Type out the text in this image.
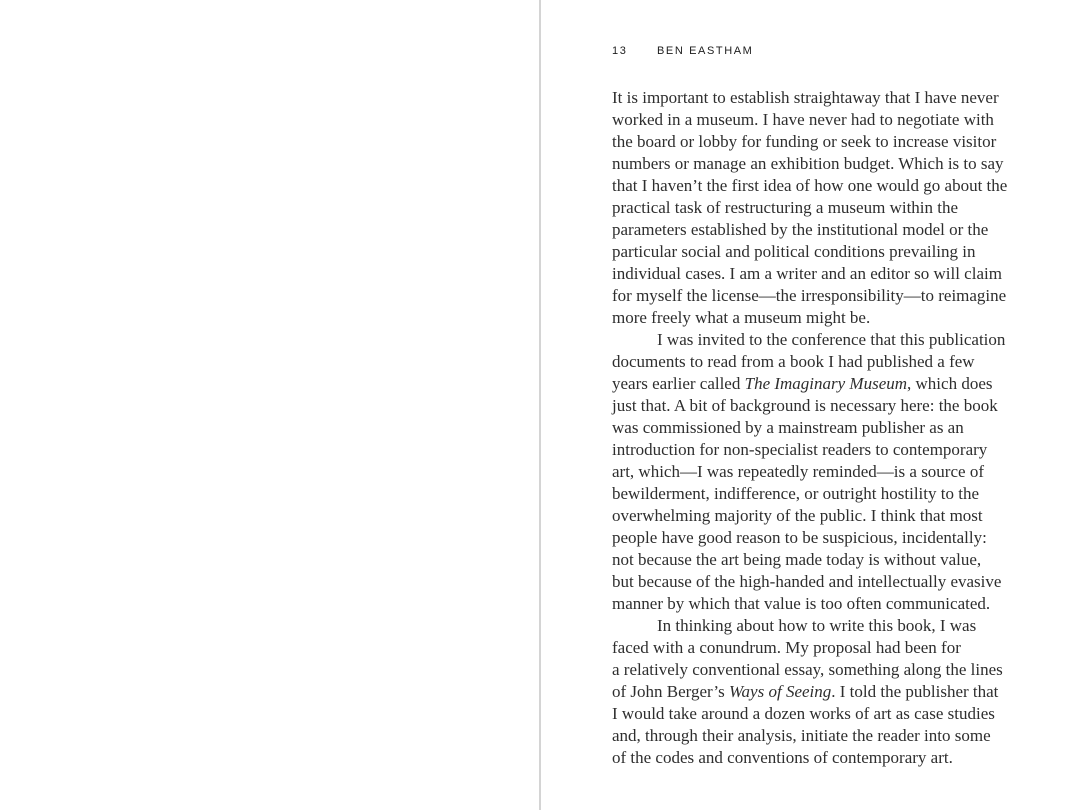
13	BEN EASTHAM
It is important to establish straightaway that I have never
worked in a museum. I have never had to negotiate with
the board or lobby for funding or seek to increase visitor
numbers or manage an exhibition budget. Which is to say
that I haven’t the first idea of how one would go about the
practical task of restructuring a museum within the
parameters established by the institutional model or the
particular social and political conditions prevailing in
individual cases. I am a writer and an editor so will claim
for myself the license—the irresponsibility—to reimagine
more freely what a museum might be.
I was invited to the conference that this publication
documents to read from a book I had published a few
years earlier called The Imaginary Museum, which does
just that. A bit of background is necessary here: the book
was commissioned by a mainstream publisher as an
introduction for non-specialist readers to contemporary
art, which—I was repeatedly reminded—is a source of
bewilderment, indifference, or outright hostility to the
overwhelming majority of the public. I think that most
people have good reason to be suspicious, incidentally:
not because the art being made today is without value,
but because of the high-handed and intellectually evasive
manner by which that value is too often communicated.
In thinking about how to write this book, I was
faced with a conundrum. My proposal had been for
a relatively conventional essay, something along the lines
of John Berger’s Ways of Seeing. I told the publisher that
I would take around a dozen works of art as case studies
and, through their analysis, initiate the reader into some
of the codes and conventions of contemporary art.
